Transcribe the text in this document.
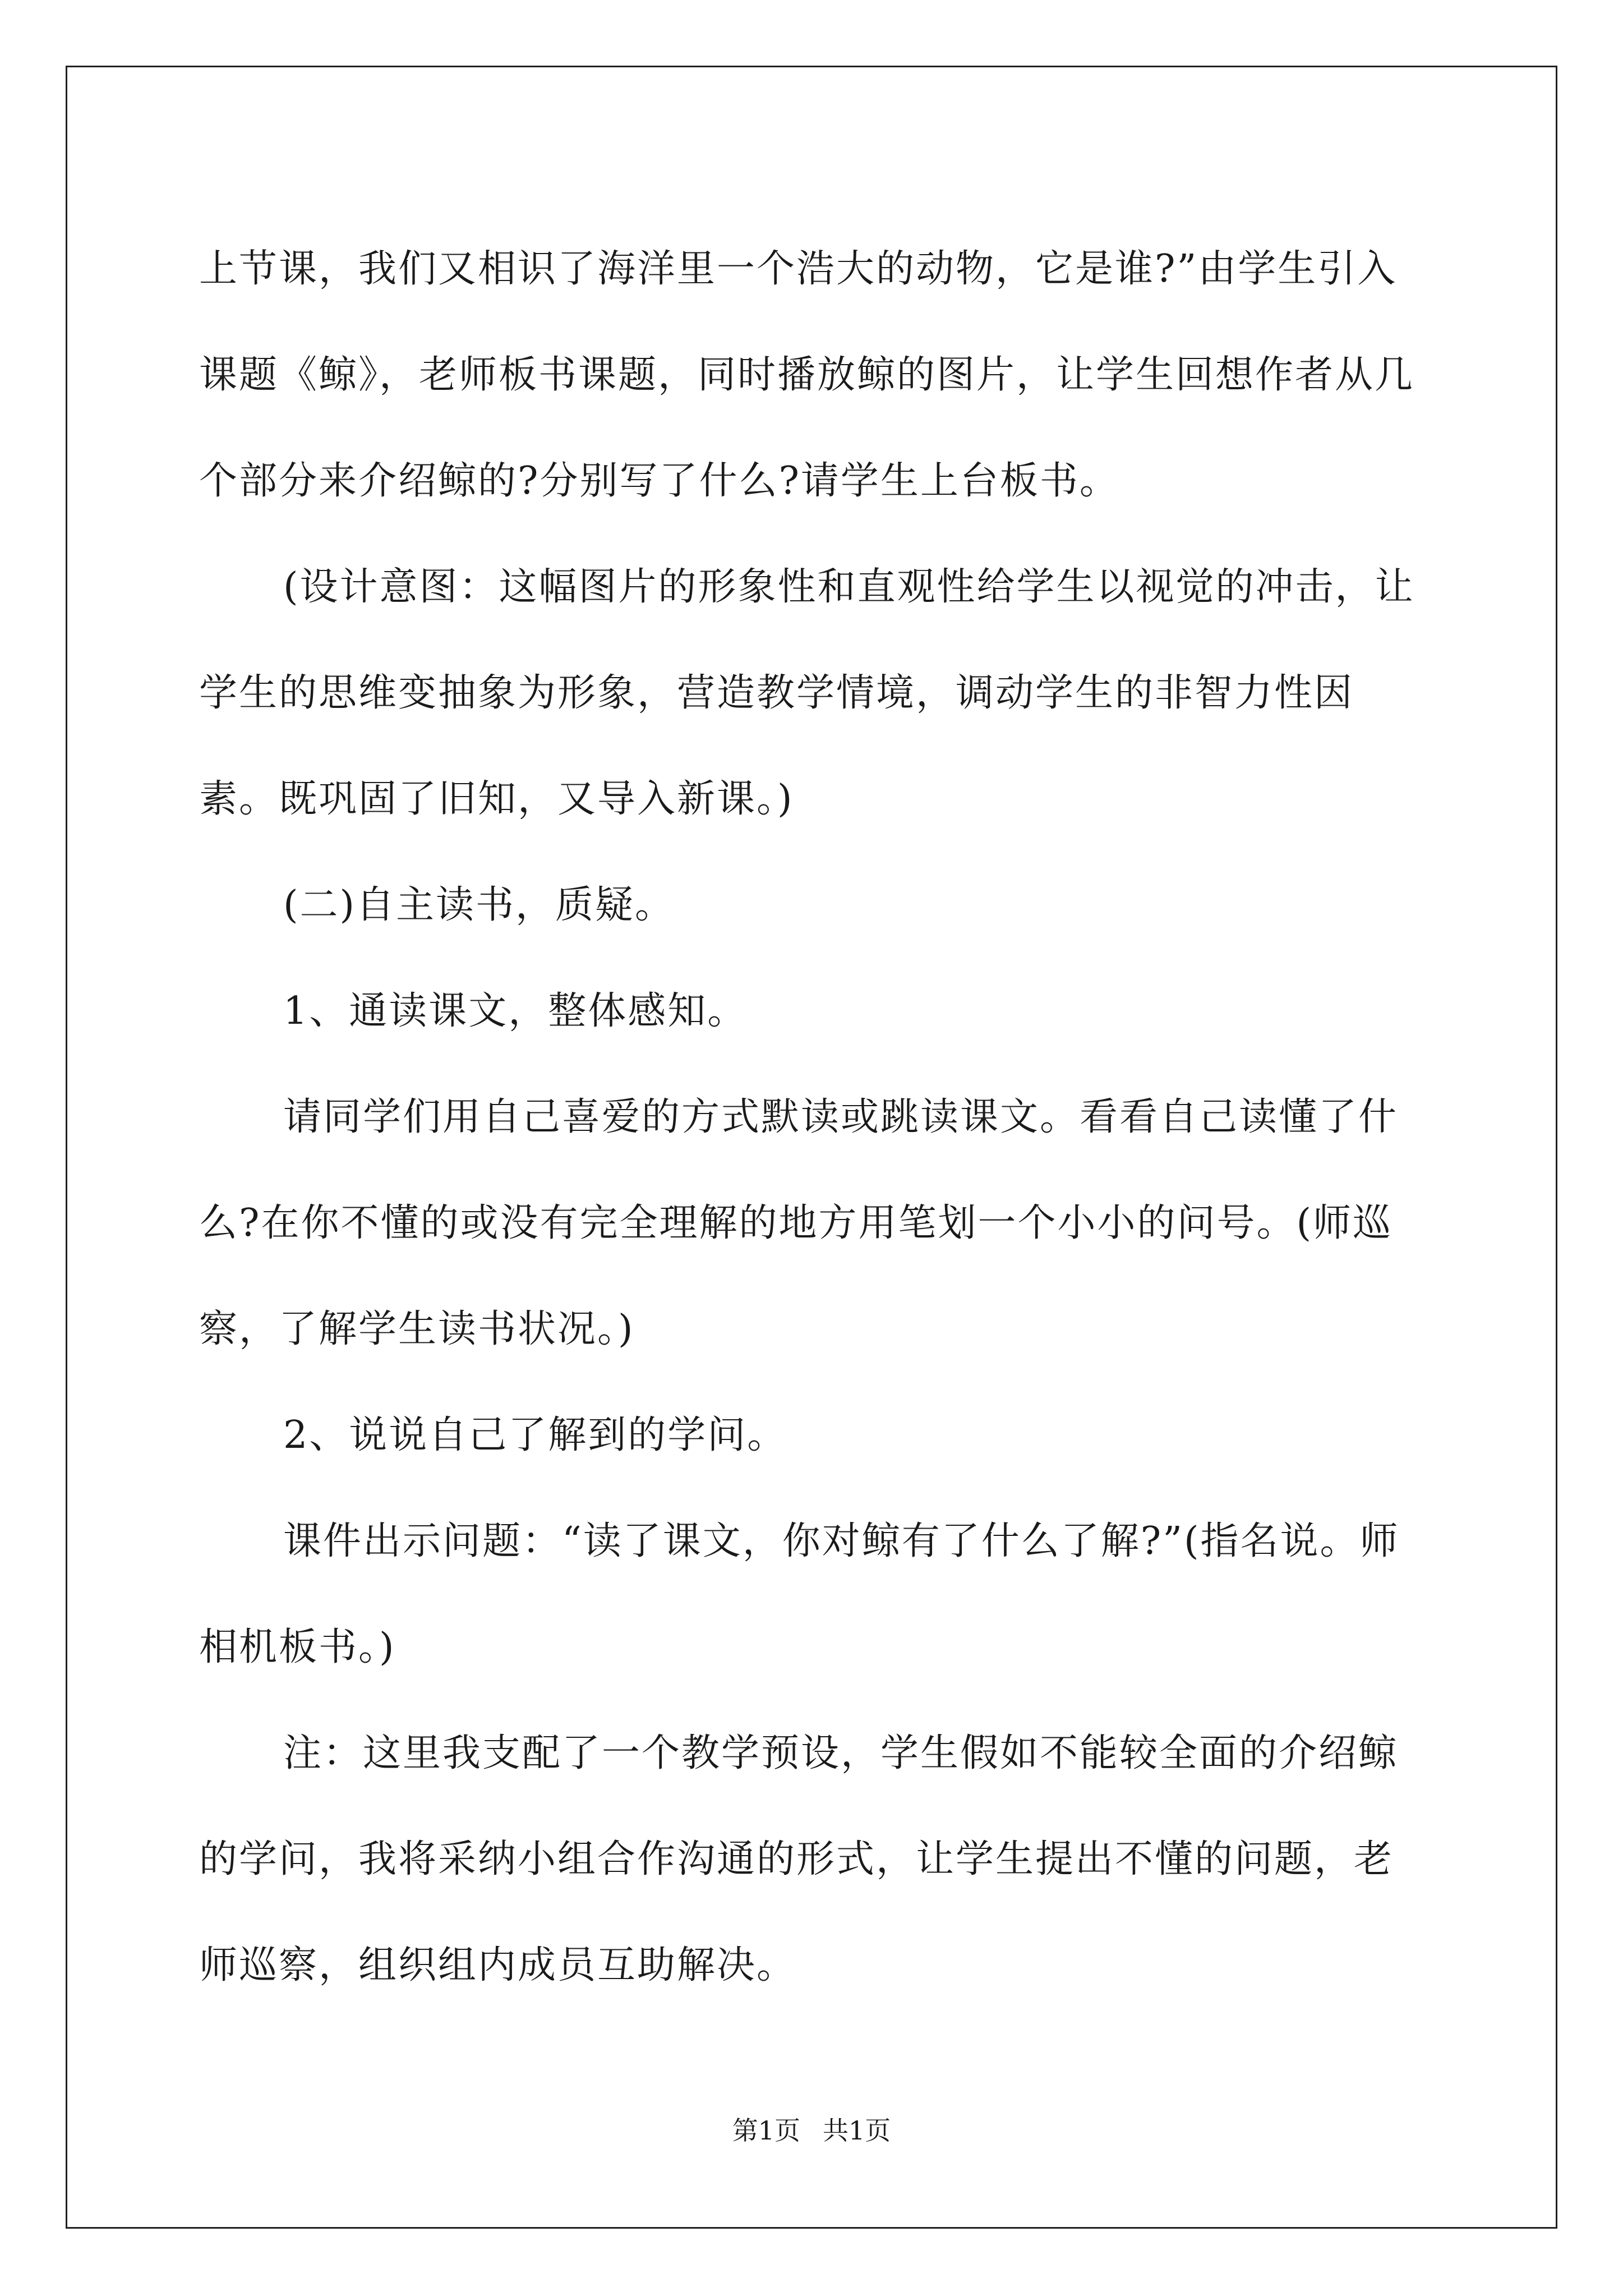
上节课，我们又相识了海洋里一个浩大的动物，它是谁?”由学生引入课题《鲸》，老师板书课题，同时播放鲸的图片，让学生回想作者从几个部分来介绍鲸的?分别写了什么?请学生上台板书。

(设计意图：这幅图片的形象性和直观性给学生以视觉的冲击，让学生的思维变抽象为形象，营造教学情境，调动学生的非智力性因素。既巩固了旧知，又导入新课。)

(二)自主读书，质疑。

1、通读课文，整体感知。

请同学们用自己喜爱的方式默读或跳读课文。看看自己读懂了什么?在你不懂的或没有完全理解的地方用笔划一个小小的问号。(师巡察，了解学生读书状况。)

2、说说自己了解到的学问。

课件出示问题：“读了课文，你对鲸有了什么了解?”(指名说。师相机板书。)

注：这里我支配了一个教学预设，学生假如不能较全面的介绍鲸的学问，我将采纳小组合作沟通的形式，让学生提出不懂的问题，老师巡察，组织组内成员互助解决。

第1页 共1页
